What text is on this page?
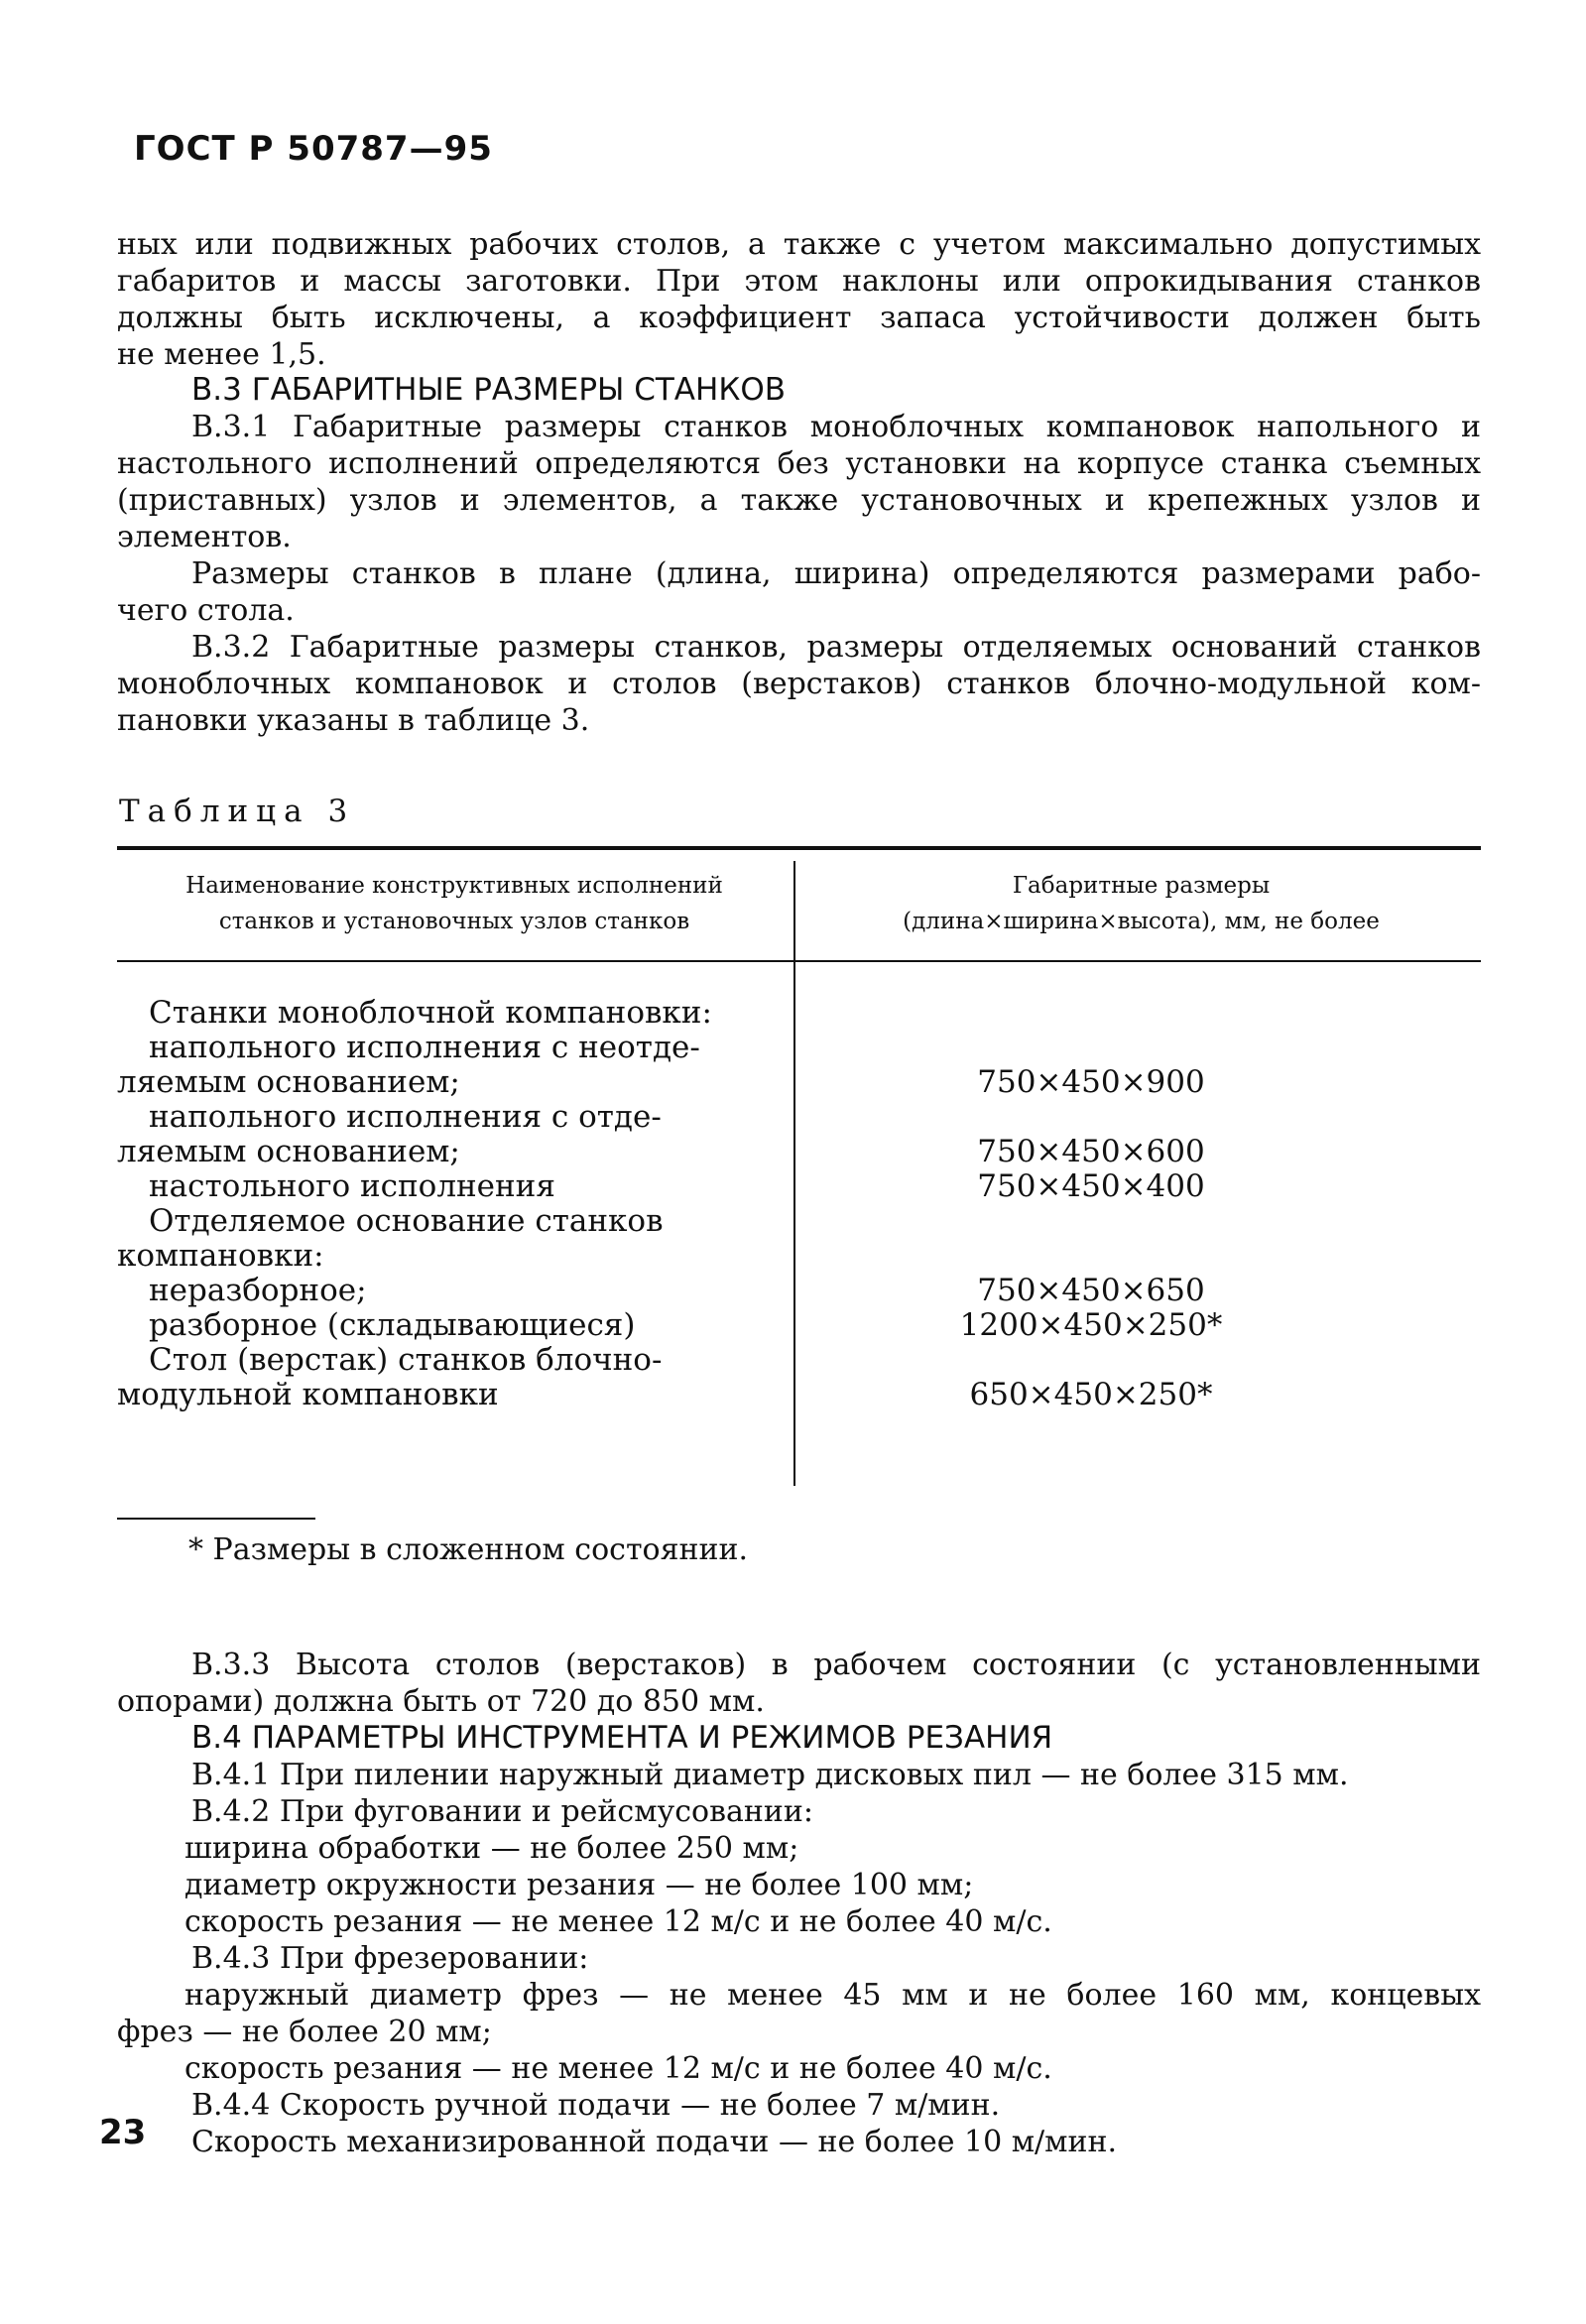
ГОСТ Р 50787—95
ных или подвижных рабочих столов, а также с учетом максимально допустимых
габаритов и массы заготовки. При этом наклоны или опрокидывания станков
должны быть исключены, а коэффициент запаса устойчивости должен быть
не менее 1,5.
В.3 ГАБАРИТНЫЕ РАЗМЕРЫ СТАНКОВ
В.3.1 Габаритные размеры станков моноблочных компановок напольного и
настольного исполнений определяются без установки на корпусе станка съемных
(приставных) узлов и элементов, а также установочных и крепежных узлов и
элементов.
Размеры станков в плане (длина, ширина) определяются размерами рабо-
чего стола.
В.3.2 Габаритные размеры станков, размеры отделяемых оснований станков
моноблочных компановок и столов (верстаков) станков блочно-модульной ком-
пановки указаны в таблице 3.
Таблица 3
Наименование конструктивных исполнений
станков и установочных узлов станков
Габаритные размеры
(длина×ширина×высота), мм, не более
Станки моноблочной компановки:
напольного исполнения с неотде-
ляемым основанием;	750×450×900
напольного исполнения с отде-
ляемым основанием;	750×450×600
настольного исполнения	750×450×400
Отделяемое основание станков
компановки:
неразборное;	750×450×650
разборное (складывающиеся)	1200×450×250*
Стол (верстак) станков блочно-
модульной компановки	650×450×250*
* Размеры в сложенном состоянии.
В.3.3 Высота столов (верстаков) в рабочем состоянии (с установленными
опорами) должна быть от 720 до 850 мм.
В.4 ПАРАМЕТРЫ ИНСТРУМЕНТА И РЕЖИМОВ РЕЗАНИЯ
В.4.1 При пилении наружный диаметр дисковых пил — не более 315 мм.
В.4.2 При фуговании и рейсмусовании:
ширина обработки — не более 250 мм;
диаметр окружности резания — не более 100 мм;
скорость резания — не менее 12 м/с и не более 40 м/с.
В.4.3 При фрезеровании:
наружный диаметр фрез — не менее 45 мм и не более 160 мм, концевых
фрез — не более 20 мм;
скорость резания — не менее 12 м/с и не более 40 м/с.
В.4.4 Скорость ручной подачи — не более 7 м/мин.
Скорость механизированной подачи — не более 10 м/мин.
23
